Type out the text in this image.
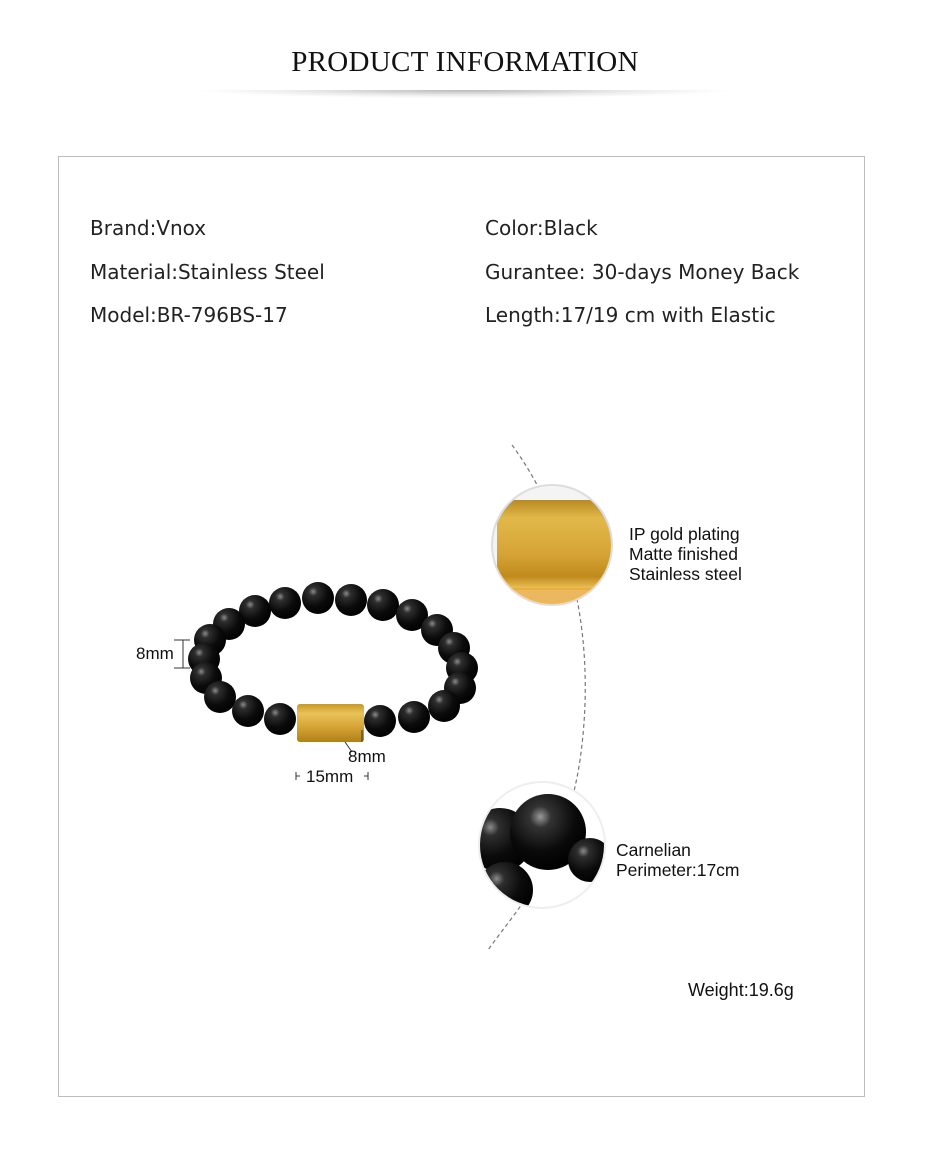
PRODUCT INFORMATION
Brand:Vnox
Material:Stainless Steel
Model:BR-796BS-17
Color:Black
Gurantee: 30-days Money Back
Length:17/19 cm with Elastic
8mm
8mm
15mm
IP gold plating
Matte finished
Stainless steel
Carnelian
Perimeter:17cm
Weight:19.6g
